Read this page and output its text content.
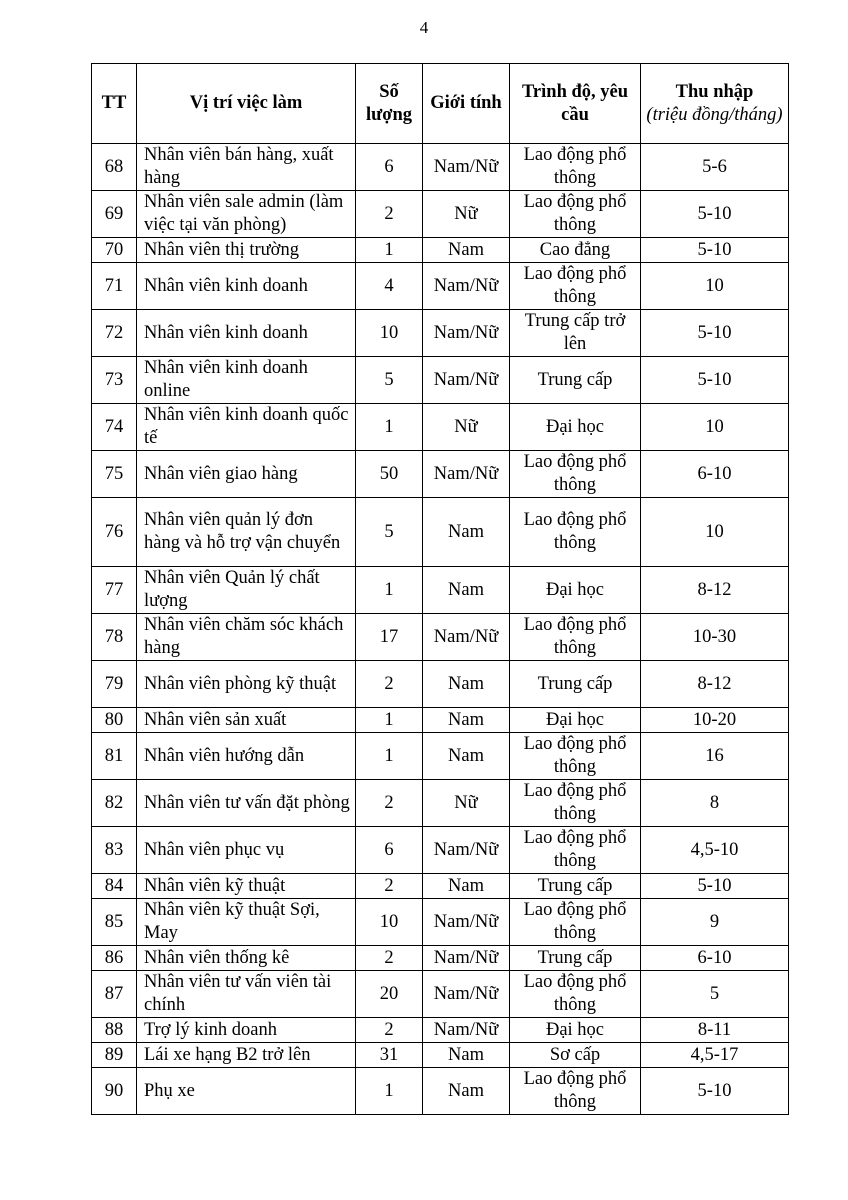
4
TT	Vị trí việc làm	Số lượng	Giới tính	Trình độ, yêu cầu	Thu nhập
(triệu đồng/tháng)

68	Nhân viên bán hàng, xuất hàng	6	Nam/Nữ	Lao động phổ thông	5-6
69	Nhân viên sale admin (làm việc tại văn phòng)	2	Nữ	Lao động phổ thông	5-10
70	Nhân viên thị trường	1	Nam	Cao đẳng	5-10
71	Nhân viên kinh doanh	4	Nam/Nữ	Lao động phổ thông	10
72	Nhân viên kinh doanh	10	Nam/Nữ	Trung cấp trở lên	5-10
73	Nhân viên kinh doanh online	5	Nam/Nữ	Trung cấp	5-10
74	Nhân viên kinh doanh quốc tế	1	Nữ	Đại học	10
75	Nhân viên giao hàng	50	Nam/Nữ	Lao động phổ thông	6-10
76	Nhân viên quản lý đơn hàng và hỗ trợ vận chuyển	5	Nam	Lao động phổ thông	10
77	Nhân viên Quản lý chất lượng	1	Nam	Đại học	8-12
78	Nhân viên chăm sóc khách hàng	17	Nam/Nữ	Lao động phổ thông	10-30
79	Nhân viên phòng kỹ thuật	2	Nam	Trung cấp	8-12
80	Nhân viên sản xuất	1	Nam	Đại học	10-20
81	Nhân viên hướng dẫn	1	Nam	Lao động phổ thông	16
82	Nhân viên tư vấn đặt phòng	2	Nữ	Lao động phổ thông	8
83	Nhân viên phục vụ	6	Nam/Nữ	Lao động phổ thông	4,5-10
84	Nhân viên kỹ thuật	2	Nam	Trung cấp	5-10
85	Nhân viên kỹ thuật Sợi, May	10	Nam/Nữ	Lao động phổ thông	9
86	Nhân viên thống kê	2	Nam/Nữ	Trung cấp	6-10
87	Nhân viên tư vấn viên tài chính	20	Nam/Nữ	Lao động phổ thông	5
88	Trợ lý kinh doanh	2	Nam/Nữ	Đại học	8-11
89	Lái xe hạng B2 trở lên	31	Nam	Sơ cấp	4,5-17
90	Phụ xe	1	Nam	Lao động phổ thông	5-10
